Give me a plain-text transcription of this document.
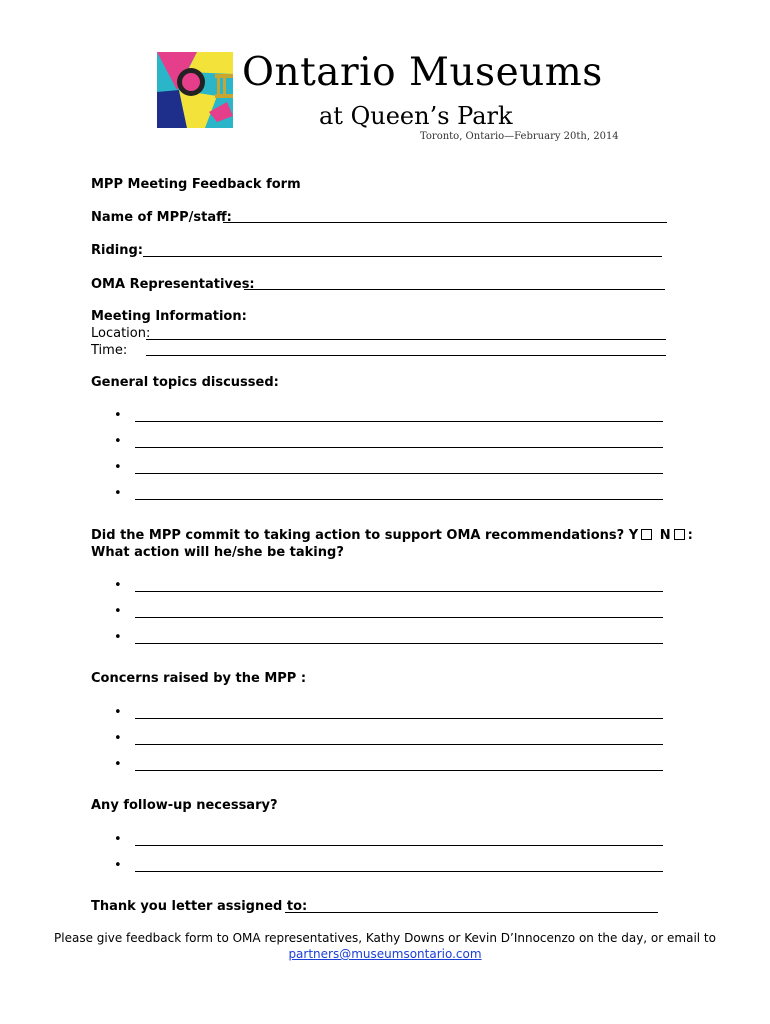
Ontario Museums
at Queen’s Park
Toronto, Ontario—February 20th, 2014
MPP Meeting Feedback form
Name of MPP/staff:
Riding:
OMA Representatives:
Meeting Information:
Location:
Time:
General topics discussed:
•
•
•
•
Did the MPP commit to taking action to support OMA recommendations? Y N :
What action will he/she be taking?
•
•
•
Concerns raised by the MPP :
•
•
•
Any follow-up necessary?
•
•
Thank you letter assigned to:
Please give feedback form to OMA representatives, Kathy Downs or Kevin D’Innocenzo on the day, or email to
partners@museumsontario.com
